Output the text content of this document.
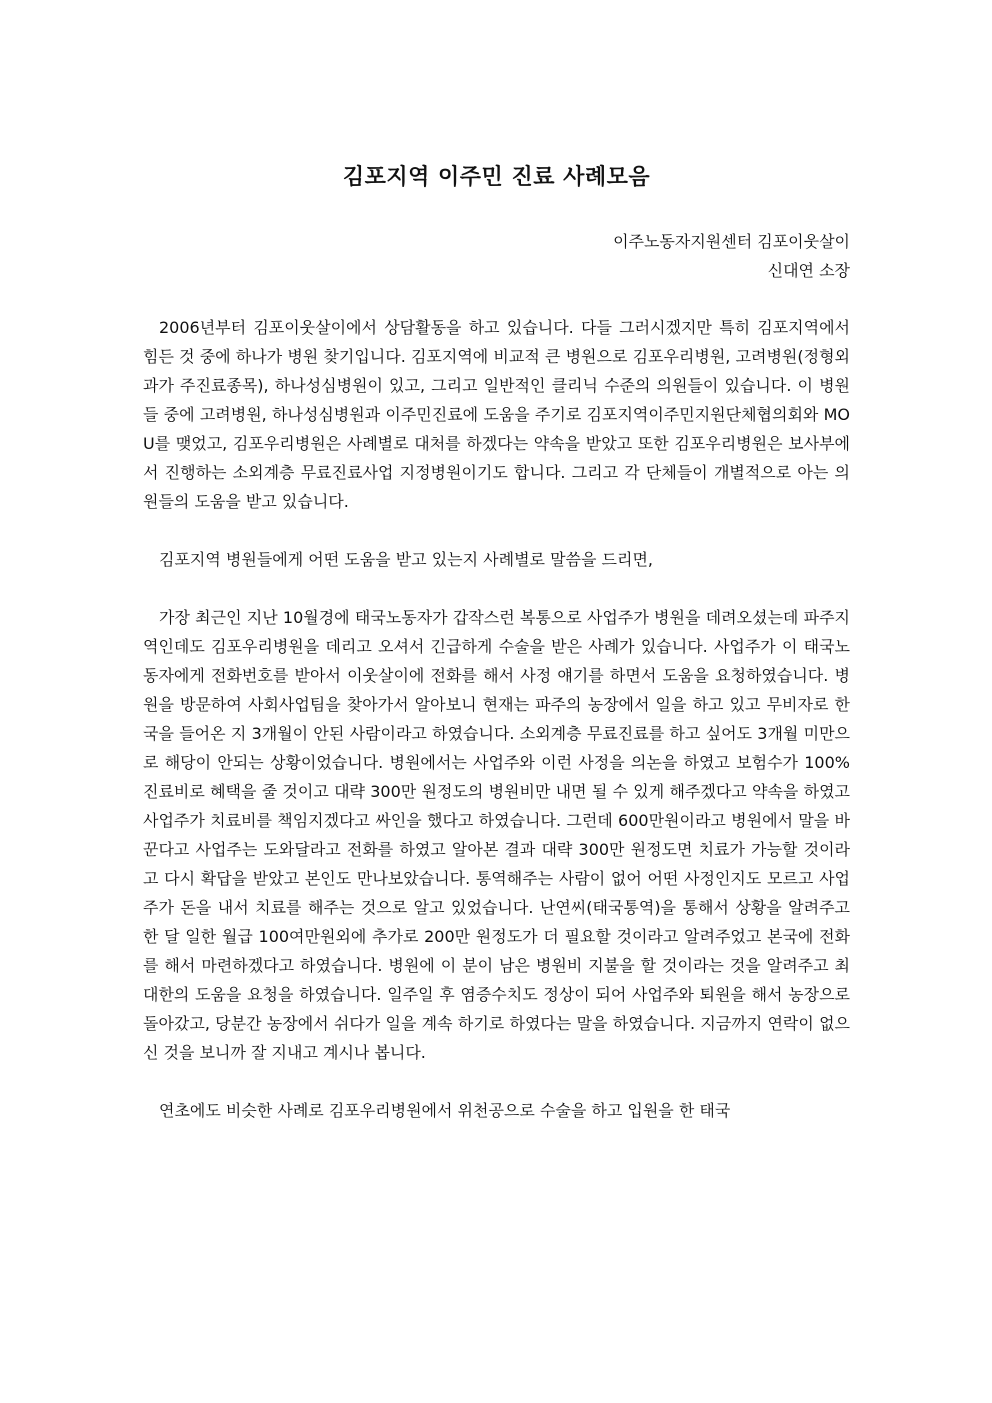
김포지역 이주민 진료 사례모음
이주노동자지원센터 김포이웃살이
신대연 소장

2006년부터 김포이웃살이에서 상담활동을 하고 있습니다. 다들 그러시겠지만 특히 김포지역에서 힘든 것 중에 하나가 병원 찾기입니다. 김포지역에 비교적 큰 병원으로 김포우리병원, 고려병원(정형외과가 주진료종목), 하나성심병원이 있고, 그리고 일반적인 클리닉 수준의 의원들이 있습니다. 이 병원들 중에 고려병원, 하나성심병원과 이주민진료에 도움을 주기로 김포지역이주민지원단체협의회와 MOU를 맺었고, 김포우리병원은 사례별로 대처를 하겠다는 약속을 받았고 또한 김포우리병원은 보사부에서 진행하는 소외계층 무료진료사업 지정병원이기도 합니다. 그리고 각 단체들이 개별적으로 아는 의원들의 도움을 받고 있습니다.

김포지역 병원들에게 어떤 도움을 받고 있는지 사례별로 말씀을 드리면,

가장 최근인 지난 10월경에 태국노동자가 갑작스런 복통으로 사업주가 병원을 데려오셨는데 파주지역인데도 김포우리병원을 데리고 오셔서 긴급하게 수술을 받은 사례가 있습니다. 사업주가 이 태국노동자에게 전화번호를 받아서 이웃살이에 전화를 해서 사정 얘기를 하면서 도움을 요청하였습니다. 병원을 방문하여 사회사업팀을 찾아가서 알아보니 현재는 파주의 농장에서 일을 하고 있고 무비자로 한국을 들어온 지 3개월이 안된 사람이라고 하였습니다. 소외계층 무료진료를 하고 싶어도 3개월 미만으로 해당이 안되는 상황이었습니다. 병원에서는 사업주와 이런 사정을 의논을 하였고 보험수가 100% 진료비로 혜택을 줄 것이고 대략 300만 원정도의 병원비만 내면 될 수 있게 해주겠다고 약속을 하였고 사업주가 치료비를 책임지겠다고 싸인을 했다고 하였습니다. 그런데 600만원이라고 병원에서 말을 바꾼다고 사업주는 도와달라고 전화를 하였고 알아본 결과 대략 300만 원정도면 치료가 가능할 것이라고 다시 확답을 받았고 본인도 만나보았습니다. 통역해주는 사람이 없어 어떤 사정인지도 모르고 사업주가 돈을 내서 치료를 해주는 것으로 알고 있었습니다. 난연씨(태국통역)을 통해서 상황을 알려주고 한 달 일한 월급 100여만원외에 추가로 200만 원정도가 더 필요할 것이라고 알려주었고 본국에 전화를 해서 마련하겠다고 하였습니다. 병원에 이 분이 남은 병원비 지불을 할 것이라는 것을 알려주고 최대한의 도움을 요청을 하였습니다. 일주일 후 염증수치도 정상이 되어 사업주와 퇴원을 해서 농장으로 돌아갔고, 당분간 농장에서 쉬다가 일을 계속 하기로 하였다는 말을 하였습니다. 지금까지 연락이 없으신 것을 보니까 잘 지내고 계시나 봅니다.

연초에도 비슷한 사례로 김포우리병원에서 위천공으로 수술을 하고 입원을 한 태국
